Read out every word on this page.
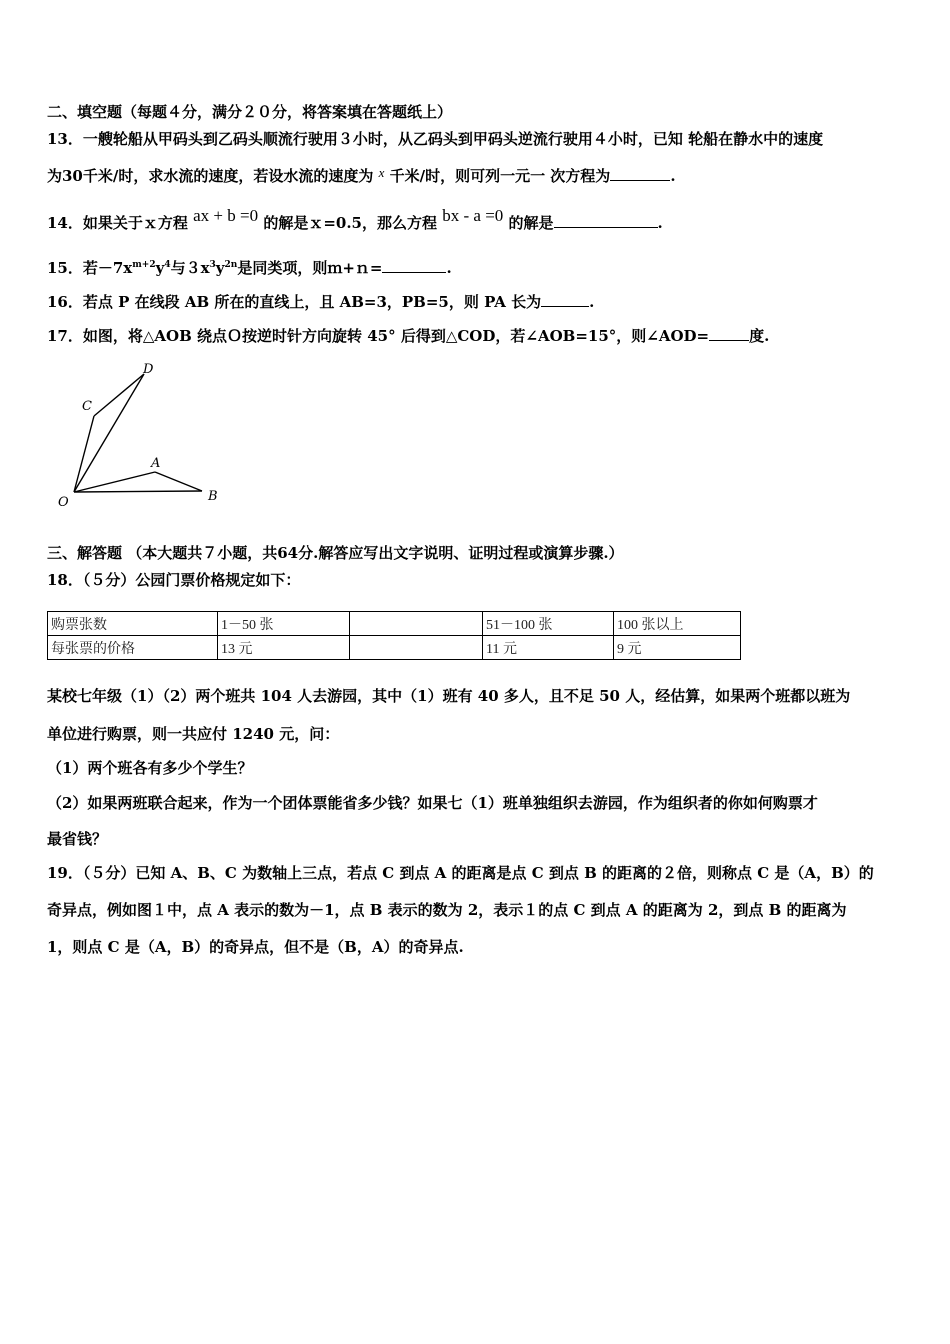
二、填空题（每题４分，满分２０分，将答案填在答题纸上）
13．一艘轮船从甲码头到乙码头顺流行驶用３小时，从乙码头到甲码头逆流行驶用４小时，已知 轮船在静水中的速度
为30千米/时，求水流的速度，若设水流的速度为 x 千米/时，则可列一元一 次方程为	.
14．如果关于ｘ方程 ax + b =0 的解是ｘ=0.5，那么方程 bx - a =0 的解是	.
15．若$-7x^{m+2}y^4$与$3x^3y^{2n}$是同类项，则ｍ+ｎ=	.
16．若点 P 在线段 AB 所在的直线上，且 AB=3，PB=5，则 PA 长为	.
17．如图，将△AOB 绕点Ｏ按逆时针方向旋转 45° 后得到△COD，若∠AOB=15°，则∠AOD=	度.
D
C
A
O	B
三、解答题 （本大题共７小题，共64分.解答应写出文字说明、证明过程或演算步骤.）
18．（５分）公园门票价格规定如下：
购票张数	1－50 张		51－100 张	100 张以上
每张票的价格	13 元		11 元	9 元
某校七年级（1）（2）两个班共 104 人去游园，其中（1）班有 40 多人，且不足 50 人，经估算，如果两个班都以班为
单位进行购票，则一共应付 1240 元，问：
（1）两个班各有多少个学生？
（2）如果两班联合起来，作为一个团体票能省多少钱？如果七（1）班单独组织去游园，作为组织者的你如何购票才
最省钱？
19．（５分）已知 A、B、C 为数轴上三点，若点 C 到点 A 的距离是点 C 到点 B 的距离的２倍，则称点 C 是（A，B）的
奇异点，例如图１中，点 A 表示的数为－1，点 B 表示的数为 2，表示１的点 C 到点 A 的距离为 2，到点 B 的距离为
1，则点 C 是（A，B）的奇异点，但不是（B，A）的奇异点.
